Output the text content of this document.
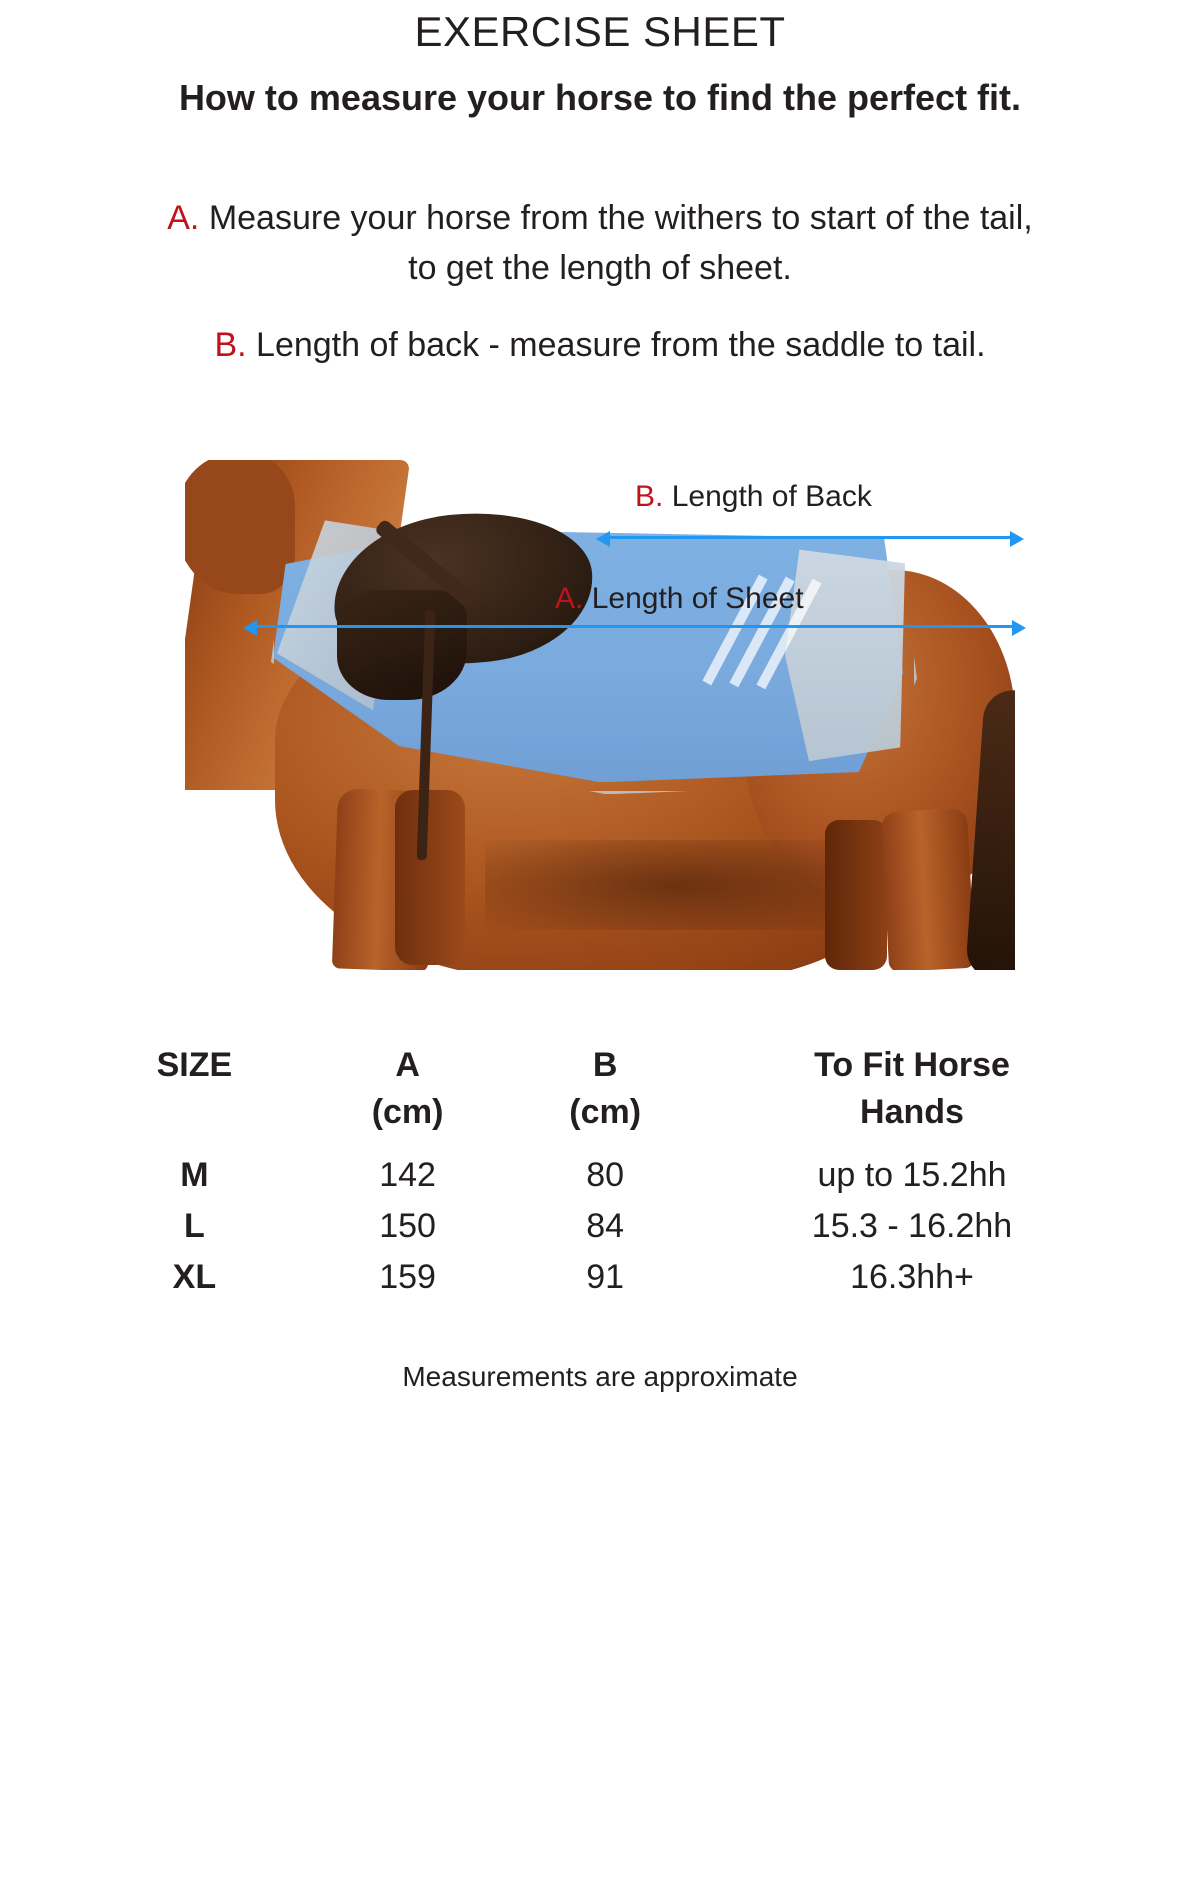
EXERCISE SHEET
How to measure your horse to find the perfect fit.
A. Measure your horse from the withers to start of the tail,
to get the length of sheet.
B. Length of back - measure from the saddle to tail.
B. Length of Back
A. Length of Sheet
SIZE	A	B	To Fit Horse
	(cm)	(cm)	Hands
M	142	80	up to 15.2hh
L	150	84	15.3 - 16.2hh
XL	159	91	16.3hh+
Measurements are approximate
